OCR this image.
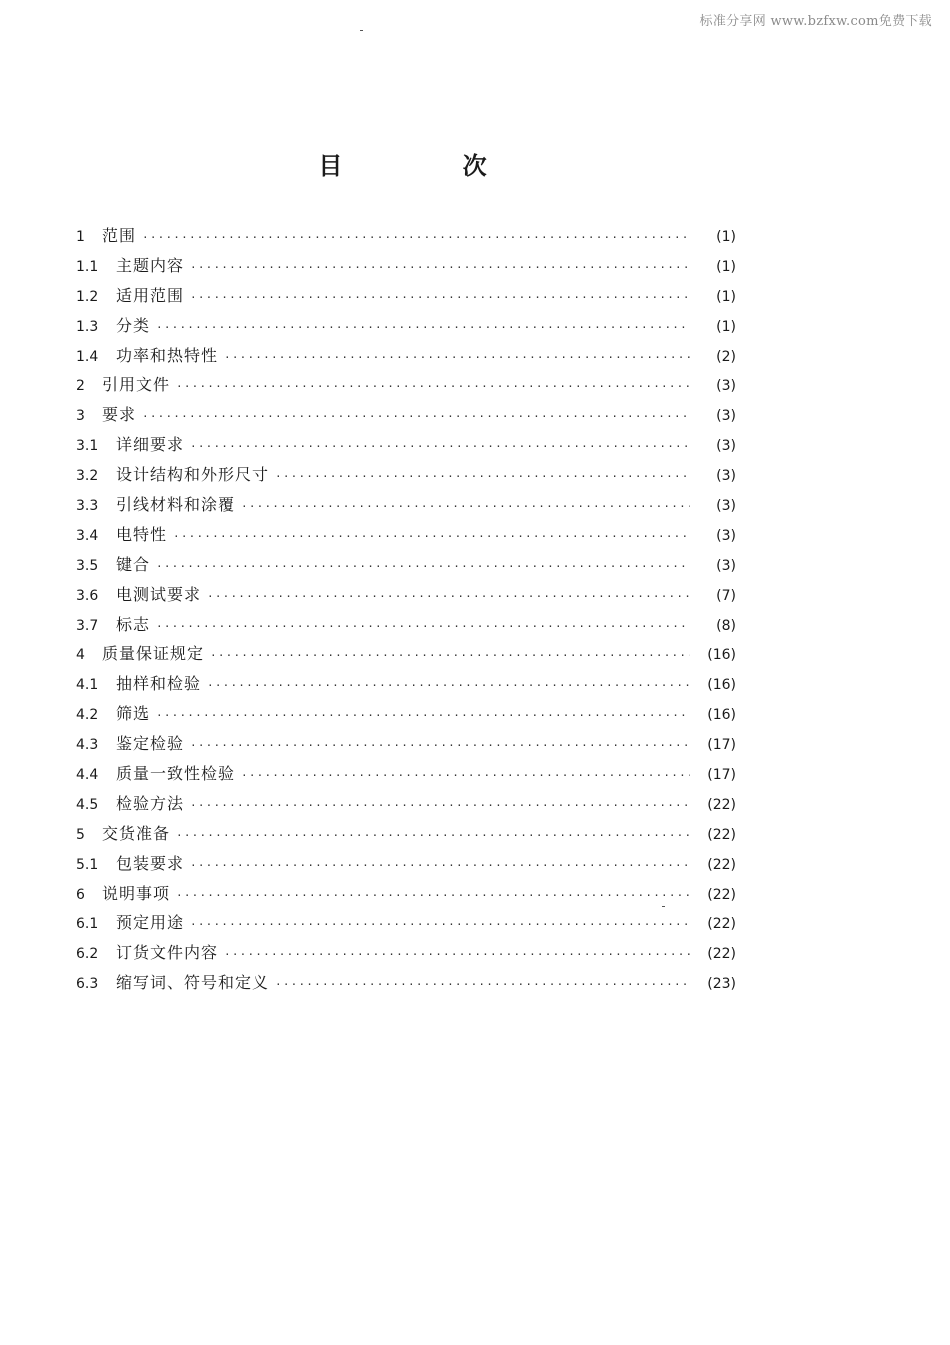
标准分享网 www.bzfxw.com免费下载
目 次
1	范围 ·····	(1)
1.1	主题内容 ·····	(1)
1.2	适用范围 ·····	(1)
1.3	分类 ·····	(1)
1.4	功率和热特性 ·····	(2)
2	引用文件 ·····	(3)
3	要求 ·····	(3)
3.1	详细要求 ·····	(3)
3.2	设计结构和外形尺寸 ·····	(3)
3.3	引线材料和涂覆 ·····	(3)
3.4	电特性 ·····	(3)
3.5	键合 ·····	(3)
3.6	电测试要求 ·····	(7)
3.7	标志 ·····	(8)
4	质量保证规定 ·····	(16)
4.1	抽样和检验 ·····	(16)
4.2	筛选 ·····	(16)
4.3	鉴定检验 ·····	(17)
4.4	质量一致性检验 ·····	(17)
4.5	检验方法 ·····	(22)
5	交货准备 ·····	(22)
5.1	包装要求 ·····	(22)
6	说明事项 ·····	(22)
6.1	预定用途 ·····	(22)
6.2	订货文件内容 ·····	(22)
6.3	缩写词、符号和定义 ·····	(23)
